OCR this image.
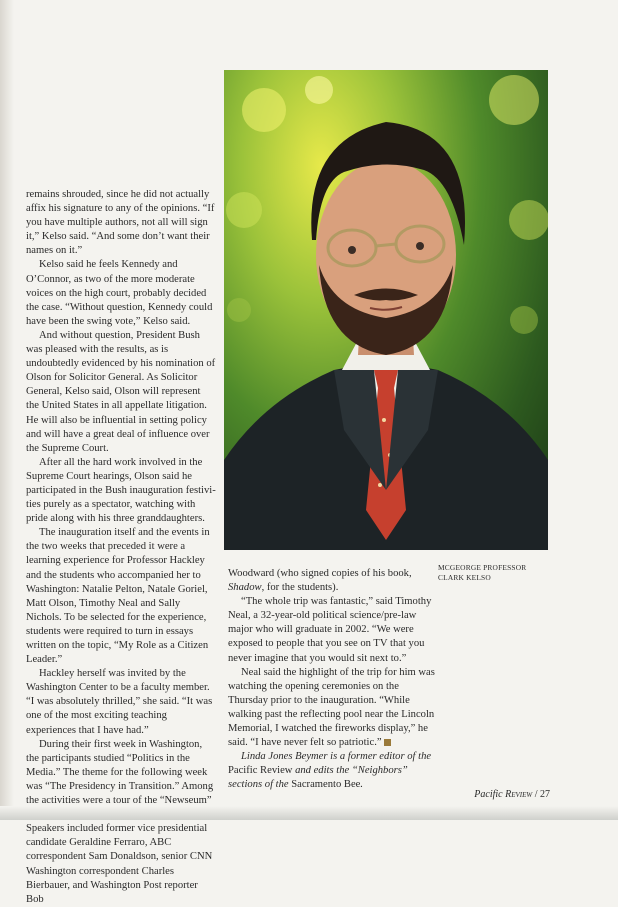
remains shrouded, since he did not actually affix his signature to any of the opinions. “If you have multiple authors, not all will sign it,” Kelso said. “And some don’t want their names on it.”

Kelso said he feels Kennedy and O’Connor, as two of the more moderate voices on the high court, probably decided the case. “Without question, Kennedy could have been the swing vote,” Kelso said.

And without question, President Bush was pleased with the results, as is undoubtedly evidenced by his nomination of Olson for Solicitor General. As Solicitor General, Kelso said, Olson will represent the United States in all appellate litigation. He will also be influential in setting policy and will have a great deal of influence over the Supreme Court.

After all the hard work involved in the Supreme Court hearings, Olson said he participated in the Bush inauguration festivi-ties purely as a spectator, watching with pride along with his three granddaughters.

The inauguration itself and the events in the two weeks that preceded it were a learning experience for Professor Hackley and the students who accompanied her to Washington: Natalie Pelton, Natale Goriel, Matt Olson, Timothy Neal and Sally Nichols. To be selected for the experience, students were required to turn in essays written on the topic, “My Role as a Citizen Leader.”

Hackley herself was invited by the Washington Center to be a faculty member. “I was absolutely thrilled,” she said. “It was one of the most exciting teaching experiences that I have had.”

During their first week in Washington, the participants studied “Politics in the Media.” The theme for the following week was “The Presidency in Transition.” Among the activities were a tour of the “Newseum” Speakers included former vice presidential candidate Geraldine Ferraro, ABC correspondent Sam Donaldson, senior CNN Washington correspondent Charles Bierbauer, and Washington Post reporter Bob

Woodward (who signed copies of his book, Shadow, for the students).

“The whole trip was fantastic,” said Timothy Neal, a 32-year-old political science/pre-law major who will graduate in 2002. “We were exposed to people that you see on TV that you never imagine that you would sit next to.”

Neal said the highlight of the trip for him was watching the opening ceremonies on the Thursday prior to the inauguration. “While walking past the reflecting pool near the Lincoln Memorial, I watched the fireworks display,” he said. “I have never felt so patriotic.”

Linda Jones Beymer is a former editor of the Pacific Review and edits the “Neighbors” sections of the Sacramento Bee.

MCGEORGE PROFESSOR
CLARK KELSO
Pacific Review / 27
